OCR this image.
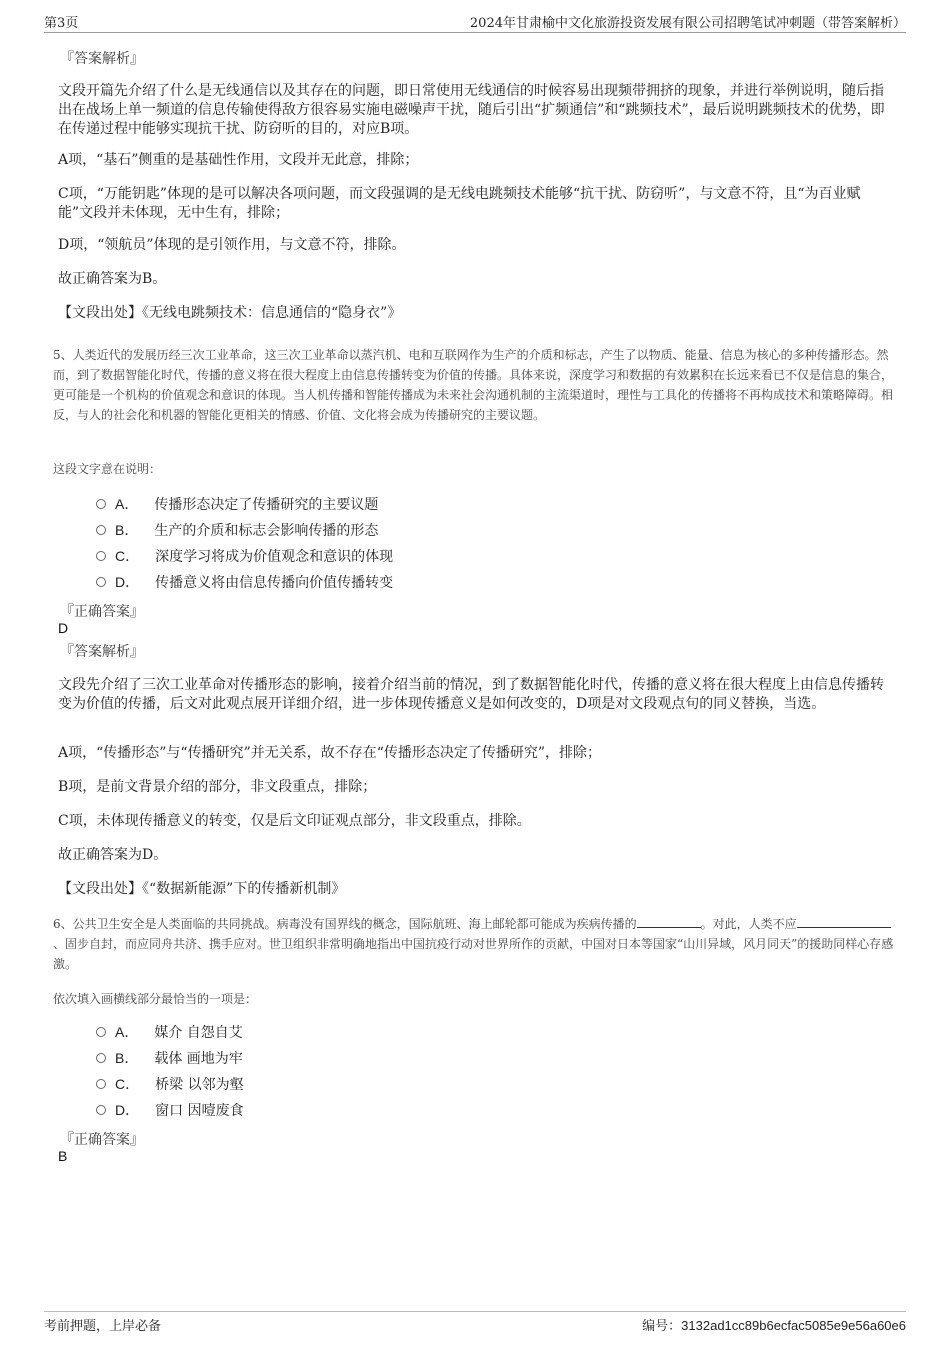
第3页	2024年甘肃榆中文化旅游投资发展有限公司招聘笔试冲刺题（带答案解析）
『答案解析』
文段开篇先介绍了什么是无线通信以及其存在的问题，即日常使用无线通信的时候容易出现频带拥挤的现象，并进行举例说明，随后指出在战场上单一频道的信息传输使得敌方很容易实施电磁噪声干扰，随后引出“扩频通信”和“跳频技术”，最后说明跳频技术的优势，即在传递过程中能够实现抗干扰、防窃听的目的，对应B项。
A项，“基石”侧重的是基础性作用，文段并无此意，排除；
C项，“万能钥匙”体现的是可以解决各项问题，而文段强调的是无线电跳频技术能够“抗干扰、防窃听”，与文意不符，且“为百业赋能”文段并未体现，无中生有，排除；
D项，“领航员”体现的是引领作用，与文意不符，排除。
故正确答案为B。
【文段出处】《无线电跳频技术：信息通信的“隐身衣”》
5、人类近代的发展历经三次工业革命，这三次工业革命以蒸汽机、电和互联网作为生产的介质和标志，产生了以物质、能量、信息为核心的多种传播形态。然而，到了数据智能化时代，传播的意义将在很大程度上由信息传播转变为价值的传播。具体来说，深度学习和数据的有效累积在长远来看已不仅是信息的集合，更可能是一个机构的价值观念和意识的体现。当人机传播和智能传播成为未来社会沟通机制的主流渠道时，理性与工具化的传播将不再构成技术和策略障碍。相反，与人的社会化和机器的智能化更相关的情感、价值、文化将会成为传播研究的主要议题。
这段文字意在说明：
A． 传播形态决定了传播研究的主要议题
B． 生产的介质和标志会影响传播的形态
C． 深度学习将成为价值观念和意识的体现
D． 传播意义将由信息传播向价值传播转变
『正确答案』
D
『答案解析』
文段先介绍了三次工业革命对传播形态的影响，接着介绍当前的情况，到了数据智能化时代，传播的意义将在很大程度上由信息传播转变为价值的传播，后文对此观点展开详细介绍，进一步体现传播意义是如何改变的，D项是对文段观点句的同义替换，当选。
A项，“传播形态”与“传播研究”并无关系，故不存在“传播形态决定了传播研究”，排除；
B项，是前文背景介绍的部分，非文段重点，排除；
C项，未体现传播意义的转变，仅是后文印证观点部分，非文段重点，排除。
故正确答案为D。
【文段出处】《“数据新能源”下的传播新机制》
6、公共卫生安全是人类面临的共同挑战。病毒没有国界线的概念，国际航班、海上邮轮都可能成为疾病传播的	。对此，人类不应、固步自封，而应同舟共济、携手应对。世卫组织非常明确地指出中国抗疫行动对世界所作的贡献，中国对日本等国家“山川异域，风月同天”的援助同样心存感激。
依次填入画横线部分最恰当的一项是：
A． 媒介 自怨自艾
B． 载体 画地为牢
C． 桥梁 以邻为壑
D． 窗口 因噎废食
『正确答案』
B
考前押题，上岸必备	编号：3132ad1cc89b6ecfac5085e9e56a60e6
